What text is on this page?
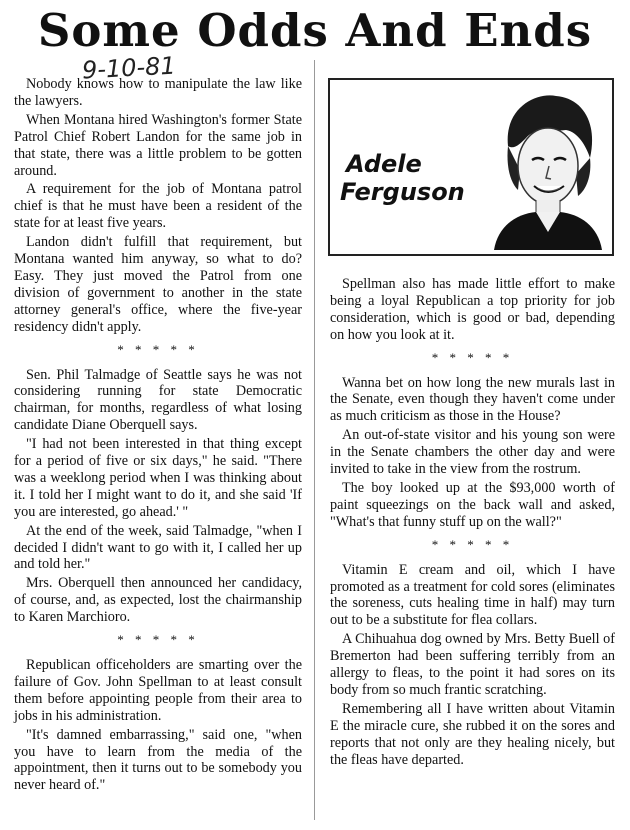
Some Odds And Ends
9-10-81

Nobody knows how to manipulate the law like the lawyers.

When Montana hired Washington's former State Patrol Chief Robert Landon for the same job in that state, there was a little problem to be gotten around.

A requirement for the job of Montana patrol chief is that he must have been a resident of the state for at least five years.

Landon didn't fulfill that requirement, but Montana wanted him anyway, so what to do? Easy. They just moved the Patrol from one division of government to another in the state attorney general's office, where the five-year residency didn't apply.

* * * * *

Sen. Phil Talmadge of Seattle says he was not considering running for state Democratic chairman, for months, regardless of what losing candidate Diane Oberquell says.

"I had not been interested in that thing except for a period of five or six days," he said. "There was a weeklong period when I was thinking about it. I told her I might want to do it, and she said 'If you are interested, go ahead.' "

At the end of the week, said Talmadge, "when I decided I didn't want to go with it, I called her up and told her."

Mrs. Oberquell then announced her candidacy, of course, and, as expected, lost the chairmanship to Karen Marchioro.

* * * * *

Republican officeholders are smarting over the failure of Gov. John Spellman to at least consult them before appointing people from their area to jobs in his administration.

"It's damned embarrassing," said one, "when you have to learn from the media of the appointment, then it turns out to be somebody you never heard of."

Adele
Ferguson

Spellman also has made little effort to make being a loyal Republican a top priority for job consideration, which is good or bad, depending on how you look at it.

* * * * *

Wanna bet on how long the new murals last in the Senate, even though they haven't come under as much criticism as those in the House?

An out-of-state visitor and his young son were in the Senate chambers the other day and were invited to take in the view from the rostrum.

The boy looked up at the $93,000 worth of paint squeezings on the back wall and asked, "What's that funny stuff up on the wall?"

* * * * *

Vitamin E cream and oil, which I have promoted as a treatment for cold sores (eliminates the soreness, cuts healing time in half) may turn out to be a substitute for flea collars.

A Chihuahua dog owned by Mrs. Betty Buell of Bremerton had been suffering terribly from an allergy to fleas, to the point it had sores on its body from so much frantic scratching.

Remembering all I have written about Vitamin E the miracle cure, she rubbed it on the sores and reports that not only are they healing nicely, but the fleas have departed.
